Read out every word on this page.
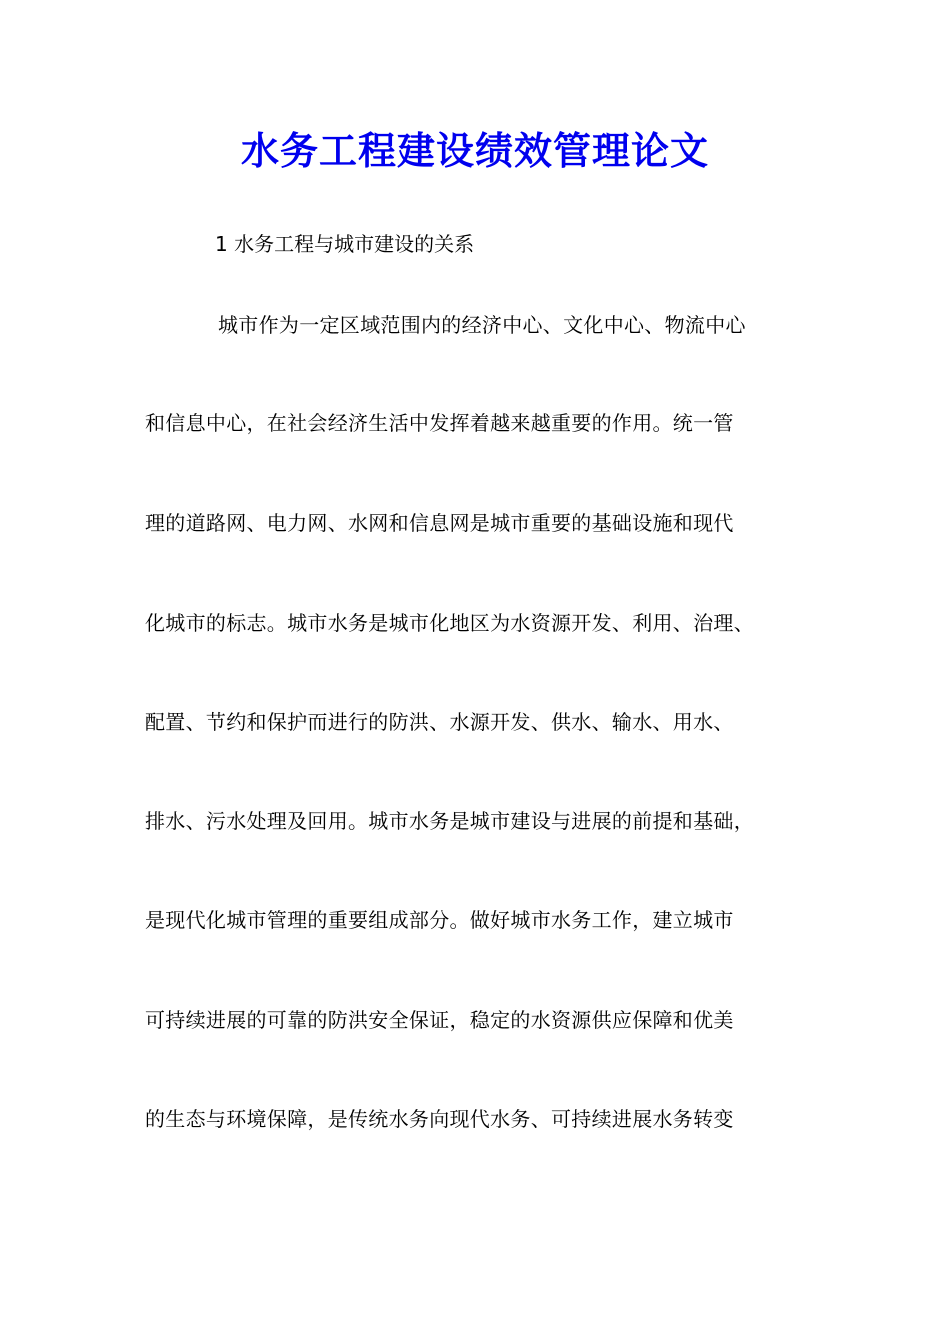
水务工程建设绩效管理论文

1 水务工程与城市建设的关系

城市作为一定区域范围内的经济中心、文化中心、物流中心

和信息中心，在社会经济生活中发挥着越来越重要的作用。统一管

理的道路网、电力网、水网和信息网是城市重要的基础设施和现代

化城市的标志。城市水务是城市化地区为水资源开发、利用、治理、

配置、节约和保护而进行的防洪、水源开发、供水、输水、用水、

排水、污水处理及回用。城市水务是城市建设与进展的前提和基础，

是现代化城市管理的重要组成部分。做好城市水务工作，建立城市

可持续进展的可靠的防洪安全保证，稳定的水资源供应保障和优美

的生态与环境保障，是传统水务向现代水务、可持续进展水务转变
